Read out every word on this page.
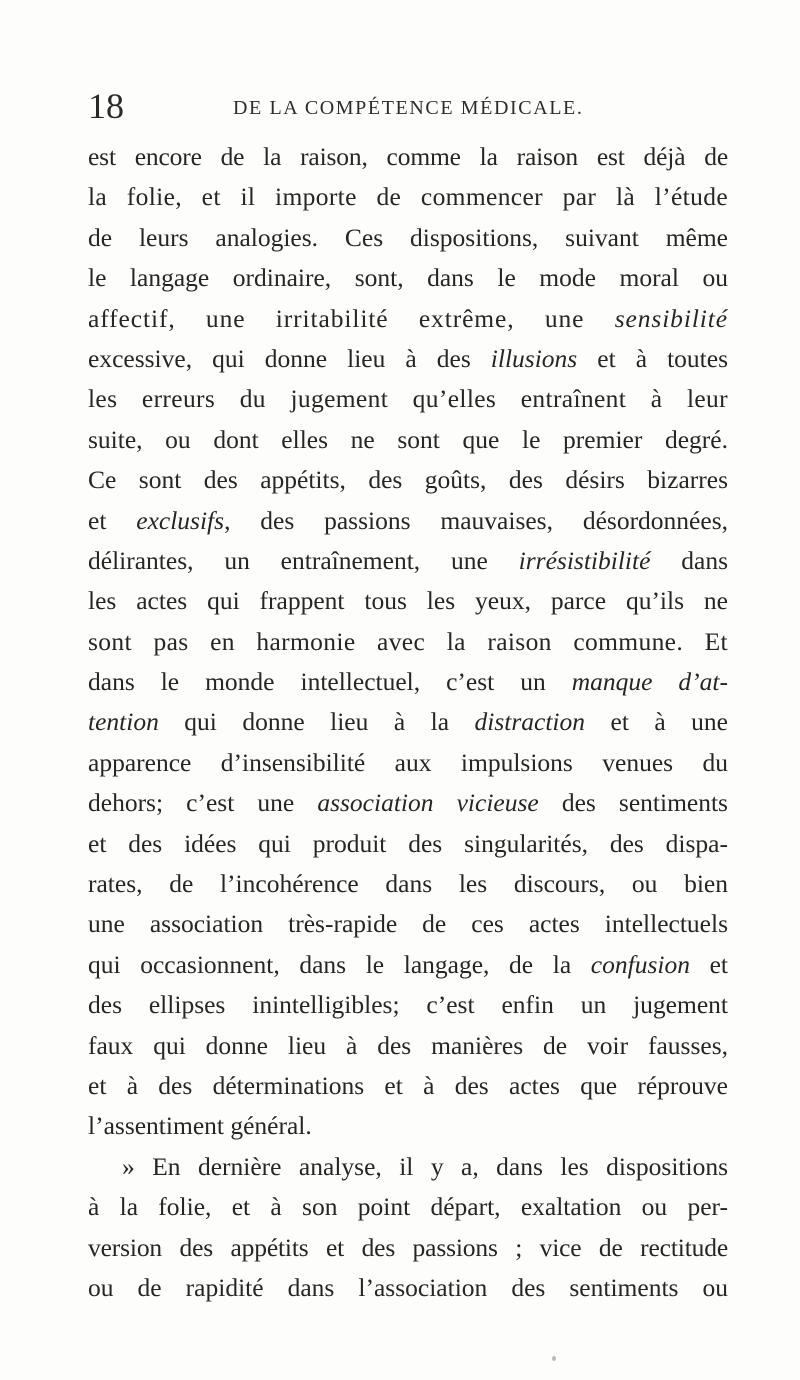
18	DE LA COMPÉTENCE MÉDICALE.
est encore de la raison, comme la raison est déjà de
la folie, et il importe de commencer par là l’étude
de leurs analogies. Ces dispositions, suivant même
le langage ordinaire, sont, dans le mode moral ou
affectif, une irritabilité extrême, une sensibilité
excessive, qui donne lieu à des illusions et à toutes
les erreurs du jugement qu’elles entraînent à leur
suite, ou dont elles ne sont que le premier degré.
Ce sont des appétits, des goûts, des désirs bizarres
et exclusifs, des passions mauvaises, désordonnées,
délirantes, un entraînement, une irrésistibilité dans
les actes qui frappent tous les yeux, parce qu’ils ne
sont pas en harmonie avec la raison commune. Et
dans le monde intellectuel, c’est un manque d’at-
tention qui donne lieu à la distraction et à une
apparence d’insensibilité aux impulsions venues du
dehors; c’est une association vicieuse des sentiments
et des idées qui produit des singularités, des dispa-
rates, de l’incohérence dans les discours, ou bien
une association très-rapide de ces actes intellectuels
qui occasionnent, dans le langage, de la confusion et
des ellipses inintelligibles; c’est enfin un jugement
faux qui donne lieu à des manières de voir fausses,
et à des déterminations et à des actes que réprouve
l’assentiment général.
» En dernière analyse, il y a, dans les dispositions
à la folie, et à son point départ, exaltation ou per-
version des appétits et des passions ; vice de rectitude
ou de rapidité dans l’association des sentiments ou
